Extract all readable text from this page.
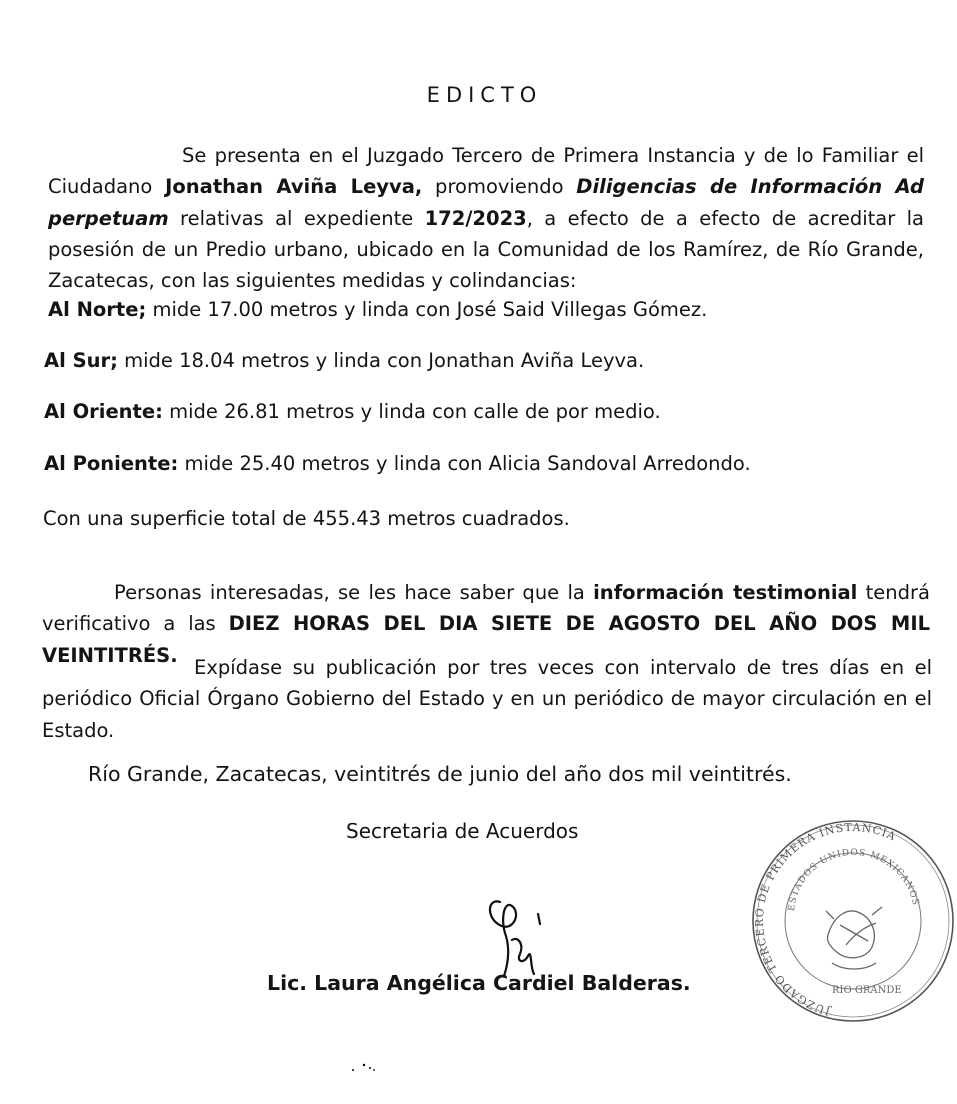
EDICTO
Se presenta en el Juzgado Tercero de Primera Instancia y de lo Familiar el Ciudadano Jonathan Aviña Leyva, promoviendo Diligencias de Información Ad perpetuam relativas al expediente 172/2023, a efecto de a efecto de acreditar la posesión de un Predio urbano, ubicado en la Comunidad de los Ramírez, de Río Grande, Zacatecas, con las siguientes medidas y colindancias:
Al Norte; mide 17.00 metros y linda con José Said Villegas Gómez.
Al Sur; mide 18.04 metros y linda con Jonathan Aviña Leyva.
Al Oriente: mide 26.81 metros y linda con calle de por medio.
Al Poniente: mide 25.40 metros y linda con Alicia Sandoval Arredondo.
Con una superficie total de 455.43 metros cuadrados.
Personas interesadas, se les hace saber que la información testimonial tendrá verificativo a las DIEZ HORAS DEL DIA SIETE DE AGOSTO DEL AÑO DOS MIL VEINTITRÉS.
Expídase su publicación por tres veces con intervalo de tres días en el periódico Oficial Órgano Gobierno del Estado y en un periódico de mayor circulación en el Estado.
Río Grande, Zacatecas, veintitrés de junio del año dos mil veintitrés.
Secretaria de Acuerdos
Lic. Laura Angélica Cardiel Balderas.
JUZGADO TERCERO DE PRIMERA INSTANCIA
ESTADOS UNIDOS MEXICANOS
RIO GRANDE
